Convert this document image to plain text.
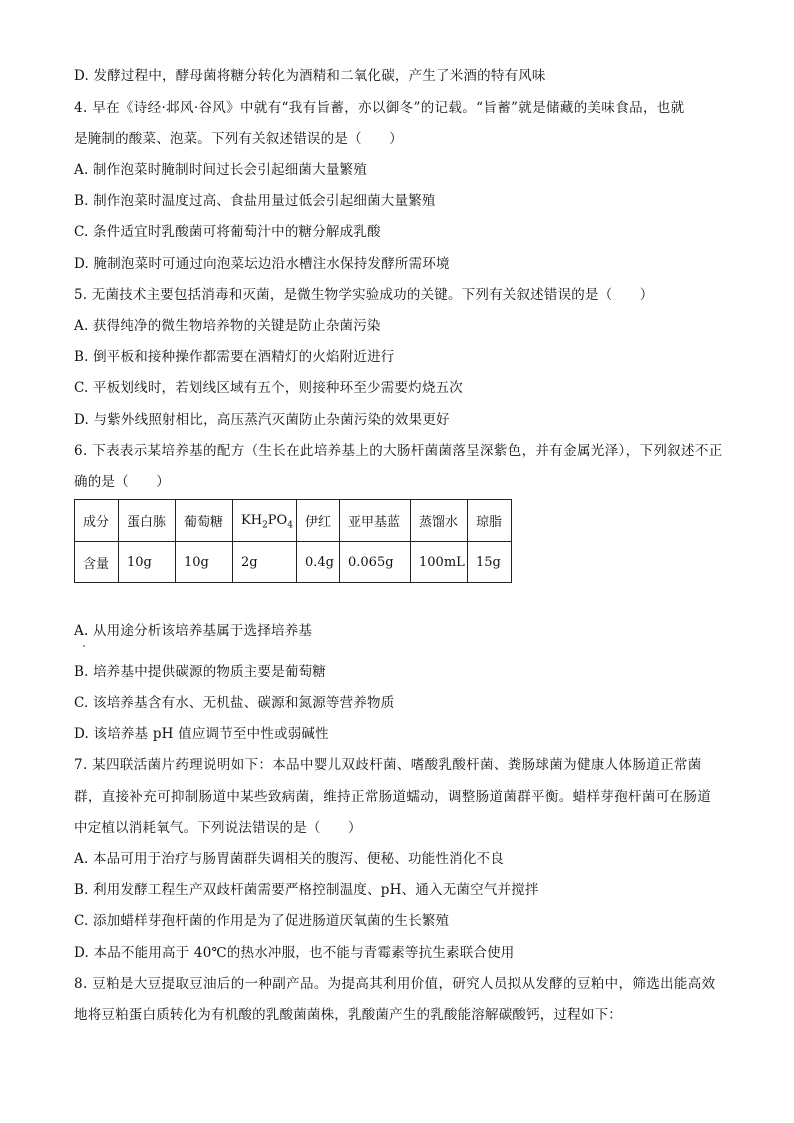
D. 发酵过程中，酵母菌将糖分转化为酒精和二氧化碳，产生了米酒的特有风味
4. 早在《诗经·邶风·谷风》中就有“我有旨蓄，亦以御冬”的记载。“旨蓄”就是储藏的美味食品，也就
是腌制的酸菜、泡菜。下列有关叙述错误的是（　　）
A. 制作泡菜时腌制时间过长会引起细菌大量繁殖
B. 制作泡菜时温度过高、食盐用量过低会引起细菌大量繁殖
C. 条件适宜时乳酸菌可将葡萄汁中的糖分解成乳酸
D. 腌制泡菜时可通过向泡菜坛边沿水槽注水保持发酵所需环境
5. 无菌技术主要包括消毒和灭菌，是微生物学实验成功的关键。下列有关叙述错误的是（　　）
A. 获得纯净的微生物培养物的关键是防止杂菌污染
B. 倒平板和接种操作都需要在酒精灯的火焰附近进行
C. 平板划线时，若划线区域有五个，则接种环至少需要灼烧五次
D. 与紫外线照射相比，高压蒸汽灭菌防止杂菌污染的效果更好
6. 下表表示某培养基的配方（生长在此培养基上的大肠杆菌菌落呈深紫色，并有金属光泽），下列叙述不正
确的是（　　）
成分	蛋白胨	葡萄糖	$KH_2PO_4$	伊红	亚甲基蓝	蒸馏水	琼脂
含量	10g	10g	2g	0.4g	0.065g	100mL	15g
A. 从用途分析该培养基属于选择培养基
B. 培养基中提供碳源的物质主要是葡萄糖
C. 该培养基含有水、无机盐、碳源和氮源等营养物质
D. 该培养基 pH 值应调节至中性或弱碱性
7. 某四联活菌片药理说明如下：本品中婴儿双歧杆菌、嗜酸乳酸杆菌、粪肠球菌为健康人体肠道正常菌
群，直接补充可抑制肠道中某些致病菌，维持正常肠道蠕动，调整肠道菌群平衡。蜡样芽孢杆菌可在肠道
中定植以消耗氧气。下列说法错误的是（　　）
A. 本品可用于治疗与肠胃菌群失调相关的腹泻、便秘、功能性消化不良
B. 利用发酵工程生产双歧杆菌需要严格控制温度、pH、通入无菌空气并搅拌
C. 添加蜡样芽孢杆菌的作用是为了促进肠道厌氧菌的生长繁殖
D. 本品不能用高于 40℃的热水冲服，也不能与青霉素等抗生素联合使用
8. 豆粕是大豆提取豆油后的一种副产品。为提高其利用价值，研究人员拟从发酵的豆粕中，筛选出能高效
地将豆粕蛋白质转化为有机酸的乳酸菌菌株，乳酸菌产生的乳酸能溶解碳酸钙，过程如下：
